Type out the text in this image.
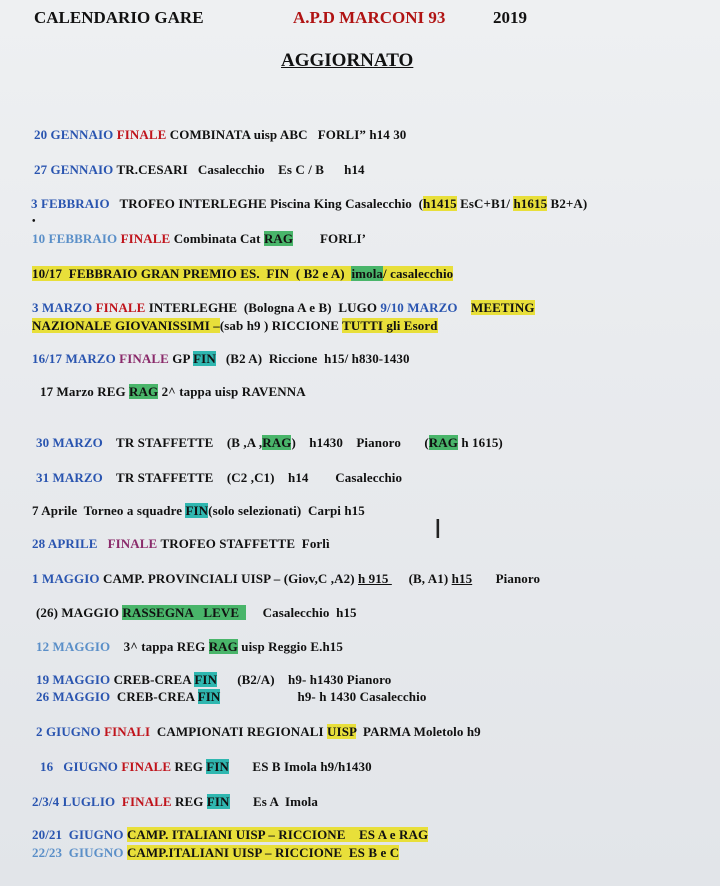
CALENDARIO GARE	A.P.D MARCONI 93	2019
AGGIORNATO
20 GENNAIO FINALE COMBINATA uisp ABC   FORLI” h14 30
27 GENNAIO TR.CESARI   Casalecchio    Es C / B      h14
3 FEBBRAIO   TROFEO INTERLEGHE Piscina King Casalecchio  (h1415 EsC+B1/ h1615 B2+A)
10 FEBBRAIO FINALE Combinata Cat RAG        FORLI’
10/17  FEBBRAIO GRAN PREMIO ES.  FIN  ( B2 e A)  imola/ casalecchio
3 MARZO FINALE INTERLEGHE  (Bologna A e B)  LUGO 9/10 MARZO MEETING
NAZIONALE GIOVANISSIMI –(sab h9 ) RICCIONE TUTTI gli Esord
16/17 MARZO FINALE GP FIN   (B2 A)  Riccione  h15/ h830-1430
17 Marzo REG RAG 2^ tappa uisp RAVENNA
30 MARZO    TR STAFFETTE    (B ,A ,RAG)    h1430    Pianoro       (RAG h 1615)
31 MARZO    TR STAFFETTE    (C2 ,C1)    h14        Casalecchio
7 Aprile  Torneo a squadre FIN(solo selezionati)  Carpi h15
28 APRILE   FINALE TROFEO STAFFETTE  Forlì
1 MAGGIO CAMP. PROVINCIALI UISP – (Giov,C ,A2) h 915      (B, A1) h15       Pianoro
(26) MAGGIO RASSEGNA   LEVE       Casalecchio  h15
12 MAGGIO    3^ tappa REG RAG uisp Reggio E.h15
19 MAGGIO CREB-CREA FIN      (B2/A)    h9- h1430 Pianoro
26 MAGGIO  CREB-CREA FIN                       h9- h 1430 Casalecchio
2 GIUGNO FINALI  CAMPIONATI REGIONALI UISP  PARMA Moletolo h9
16   GIUGNO FINALE REG FIN       ES B Imola h9/h1430
2/3/4 LUGLIO  FINALE REG FIN       Es A  Imola
20/21  GIUGNO CAMP. ITALIANI UISP – RICCIONE    ES A e RAG
22/23  GIUGNO CAMP.ITALIANI UISP – RICCIONE  ES B e C
•
I
